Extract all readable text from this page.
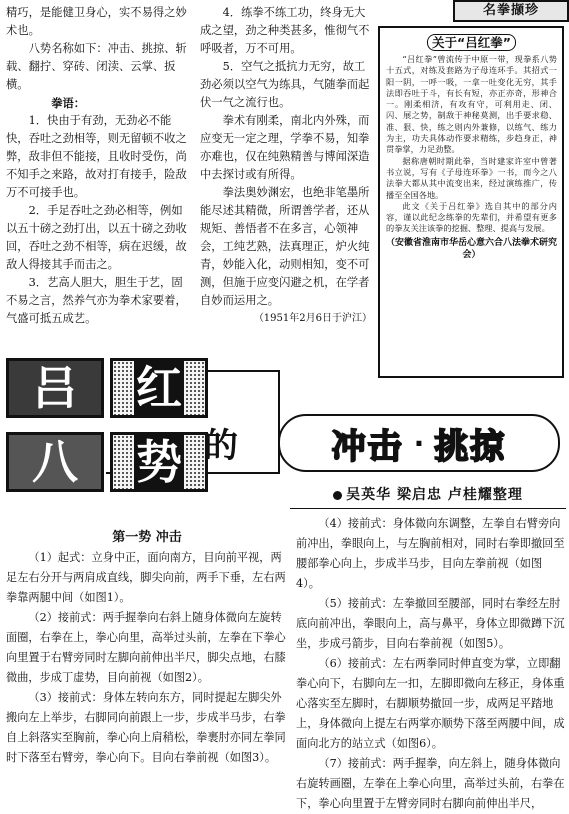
精巧，是能健卫身心，实不易得之妙术也。

八势名称如下：冲击、挑掠、斩载、翻拧、穿砖、闭渎、云掌、扳横。

拳语：

1．快由于有劲，无劲必不能快，吞吐之劲相等，则无留顿不收之弊，敌非但不能接，且收时受伤，尚不知手之来路，故对打有接手，险敌万不可接手也。

2．手足吞吐之劲必相等，例如以五十磅之劲打出，以五十磅之劲收回，吞吐之劲不相等，病在迟缓，故敌人得接其手而击之。

3．艺高人胆大，胆生于艺，固不易之言，然养气亦为拳术家要着，气盛可抵五成艺。

4．练拳不练工功，终身无大成之望，劲之种类甚多，惟彻气不呼吸者，万不可用。

5．空气之抵抗力无穷，故工劲必须以空气为练具，气随拳而起伏一气之流行也。

拳术有刚柔，南北内外殊，而应变无一定之理，学拳不易，知拳亦难也，仅在纯熟精善与博闻深造中去探讨或有所得。

拳法奥妙渊宏，也绝非笔墨所能尽述其精微，所谓善学者，还从规矩、善悟者不在多言，心领神会，工纯艺熟，法真理正，炉火纯青，妙能入化，动则相知，变不可测，但施于应变闪避之机，在学者自妙而运用之。

（1951年2月6日于沪江）

名拳撷珍
关于“吕红拳”

“吕红拳”曾流传于中原一带，现拳系八势十五式，对练及套路为子母连环手。其招式一阳一阴，一呼一吸，一拿一吐变化无穷，其手法即吞吐于斗，有长有短，亦正亦奇，形神合一。刚柔相济，有攻有守，可利用走、闭、闪、展之势，制敌于神秘莫测，出手要求稳、准、狠、快，练之则内外兼修，以练气、练力为主，功夫具体动作要求精练，步趋身正，神贯拳掌，力足劲整。

据称唐朝时期此拳，当时建家许室中曾著书立说，写有《子母连环拳》一书，而今之八法拳大都从其中流变出来，经过演练推广，传播至全国各地。

此文《关于吕红拳》选自其中的部分内容，谨以此纪念练拳的先辈们，并希望有更多的拳友关注该拳的挖掘、整理、提高与发展。

（安徽省淮南市华岳心意六合八法拳术研究会）

吕	红
八	势 的	冲击 · 挑掠
吴英华 梁启忠 卢桂耀整理

第一势 冲击

（1）起式：立身中正，面向南方，目向前平视，两足左右分开与两肩成直线，脚尖向前，两手下垂，左右两拳靠两腿中间（如图1）。

（2）接前式：两手握拳向右斜上随身体微向左旋转面圈，右拳在上，拳心向里，高举过头前，左拳在下拳心向里置于右臂旁同时左脚向前伸出半尺，脚尖点地，右膝微曲，步成丁虚势，目向前视（如图2）。

（3）接前式：身体左转向东方，同时提起左脚尖外搬向左上举步，右脚同向前跟上一步，步成半马步，右拳自上斜落实至胸前，拳心向上肩稍松，拳裹肘亦同左拳同时下落至右臂旁，拳心向下。目向右拳前视（如图3）。

（4）接前式：身体微向东调整，左拳自右臂旁向前冲出，拳眼向上，与左胸前相对，同时右拳即撤回至腰部拳心向上，步成半马步，目向左拳前视（如图4）。

（5）接前式：左拳撤回至腰部，同时右拳经左肘底向前冲出，拳眼向上，高与鼻平，身体立即微蹲下沉坐，步成弓箭步，目向右拳前视（如图5）。

（6）接前式：左右两拳同时伸直变为掌，立即翻拳心向下，右脚向左一扣，左脚即微向左移正，身体重心落实至左脚时，右脚顺势撤回一步，成两足平踏地上，身体微向上提左右两掌亦顺势下落至两腰中间，成面向北方的站立式（如图6）。

（7）接前式：两手握拳，向左斜上，随身体微向右旋转画圈，左拳在上拳心向里，高举过头前，右拳在下，拳心向里置于左臂旁同时右脚向前伸出半尺，
